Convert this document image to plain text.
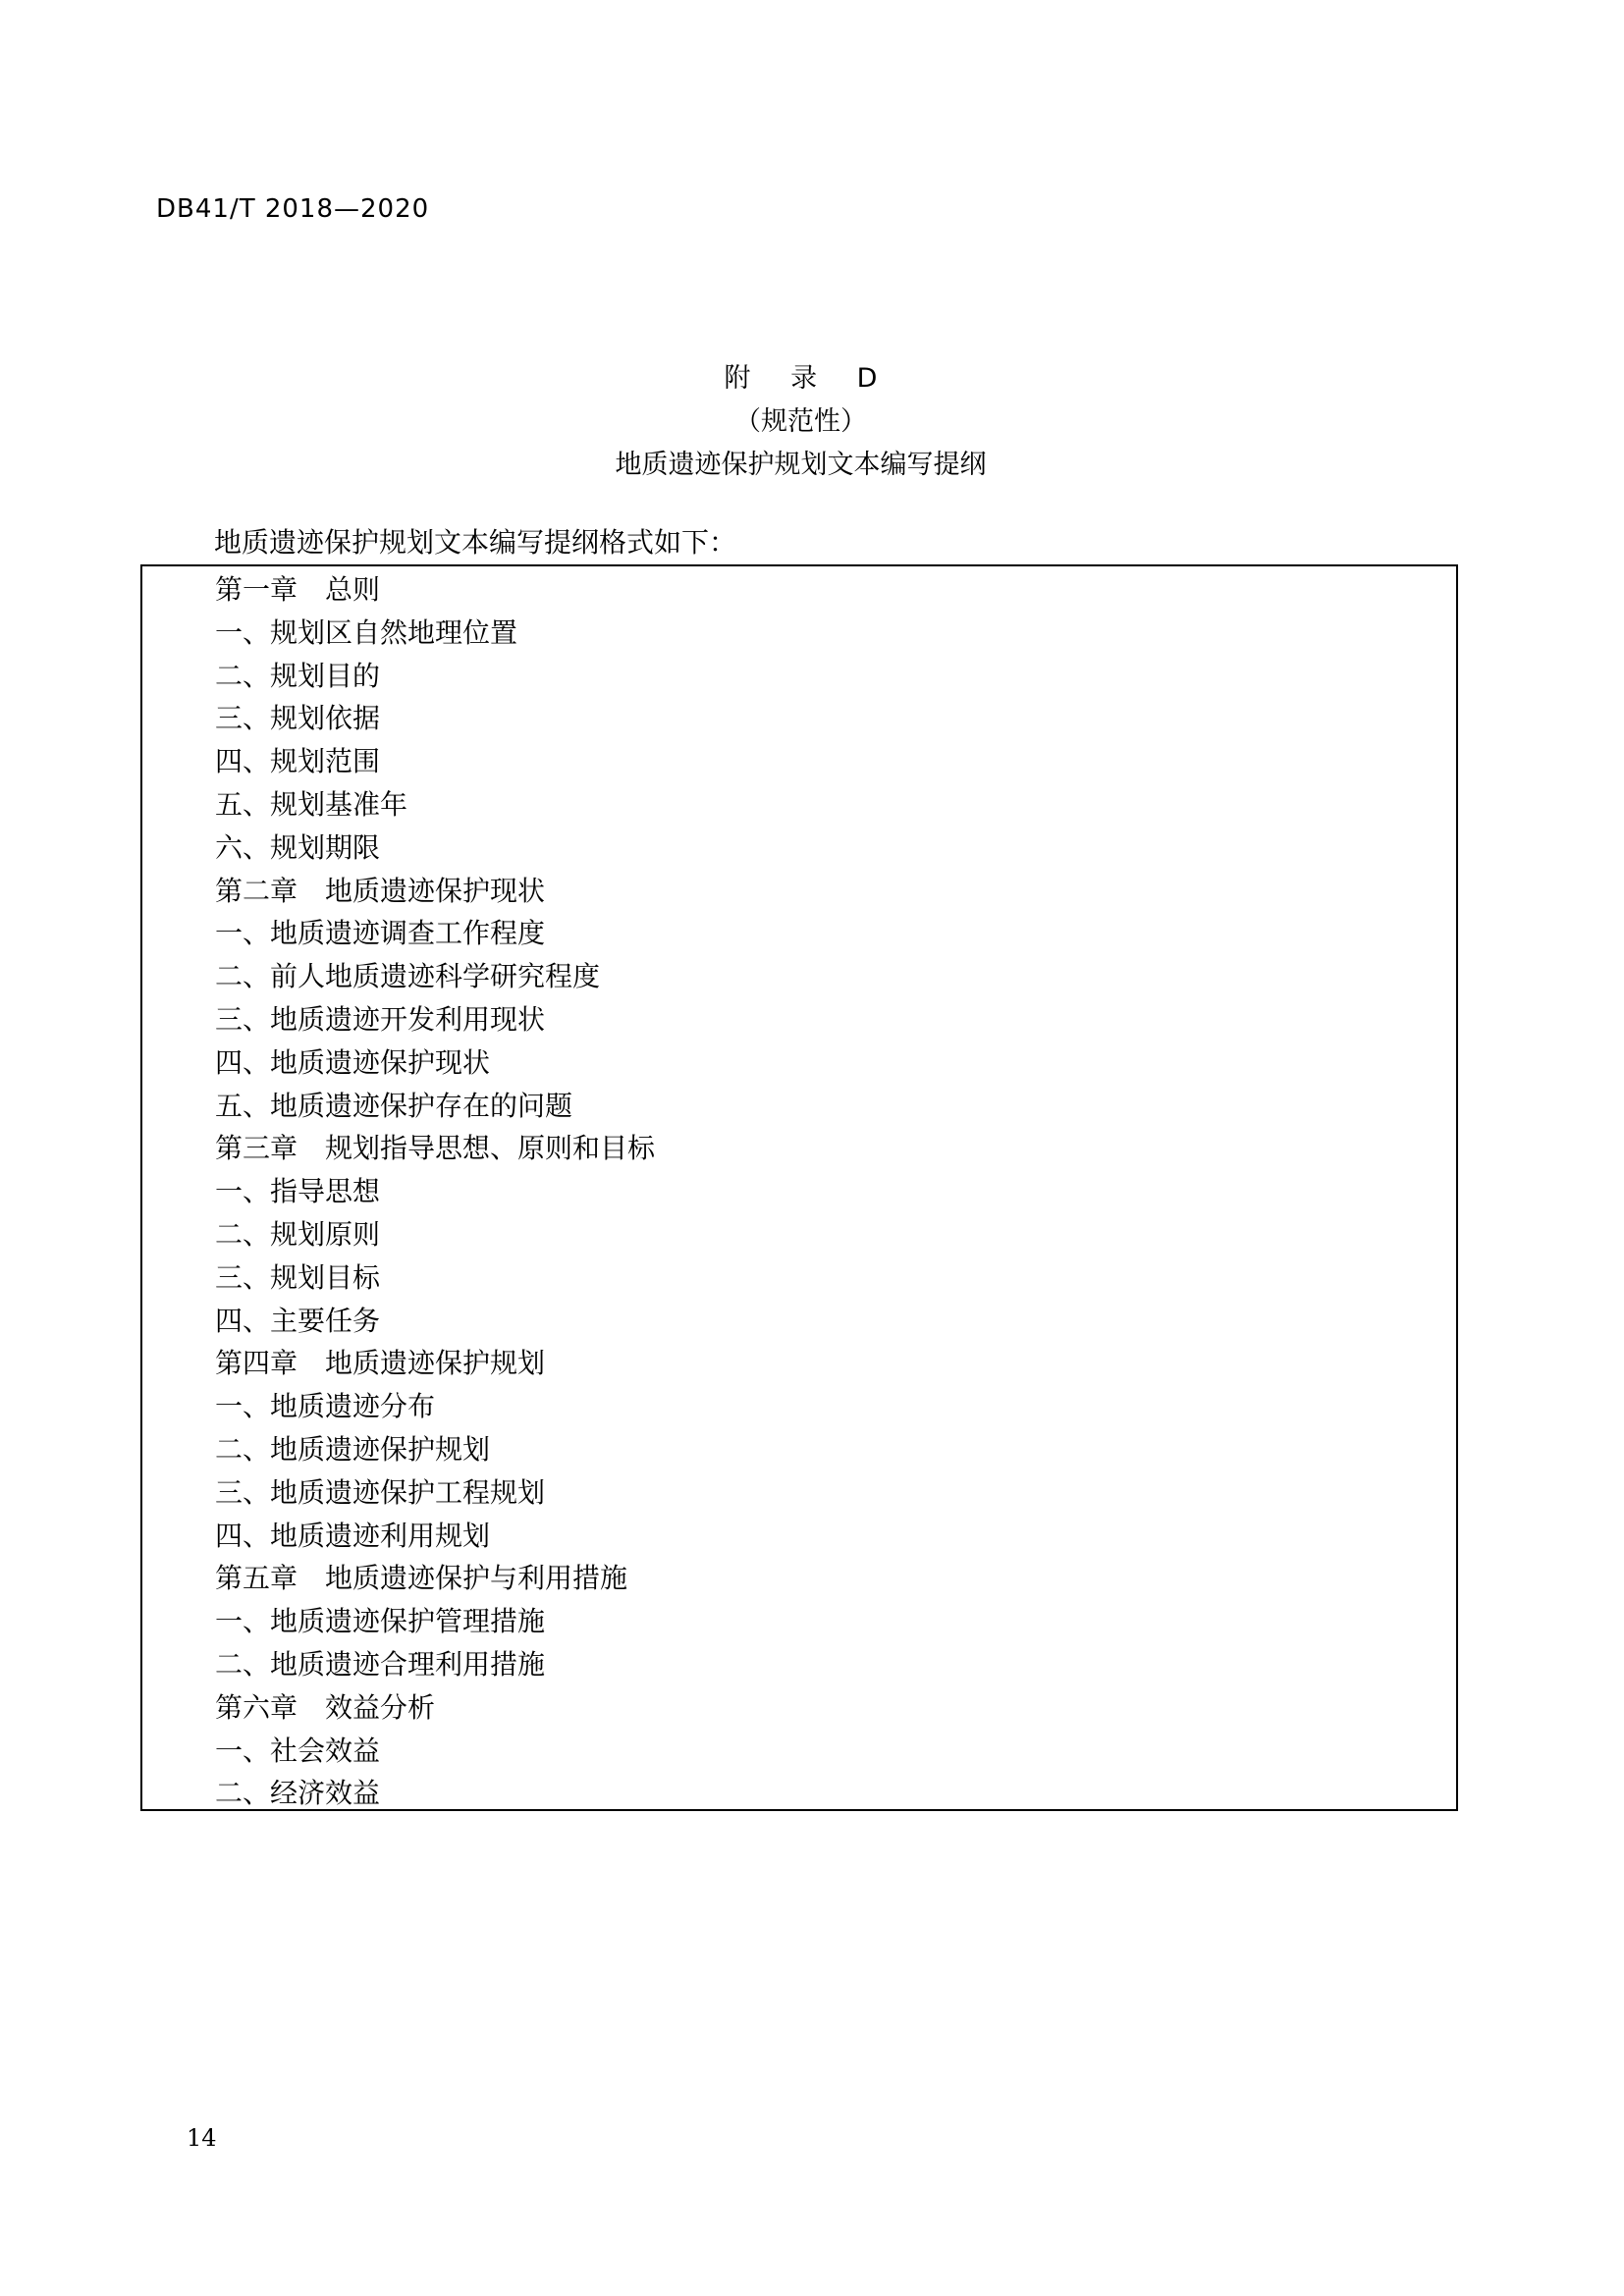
DB41/T 2018—2020
附 录 D
（规范性）
地质遗迹保护规划文本编写提纲
地质遗迹保护规划文本编写提纲格式如下：
第一章　总则
一、规划区自然地理位置
二、规划目的
三、规划依据
四、规划范围
五、规划基准年
六、规划期限
第二章　地质遗迹保护现状
一、地质遗迹调查工作程度
二、前人地质遗迹科学研究程度
三、地质遗迹开发利用现状
四、地质遗迹保护现状
五、地质遗迹保护存在的问题
第三章　规划指导思想、原则和目标
一、指导思想
二、规划原则
三、规划目标
四、主要任务
第四章　地质遗迹保护规划
一、地质遗迹分布
二、地质遗迹保护规划
三、地质遗迹保护工程规划
四、地质遗迹利用规划
第五章　地质遗迹保护与利用措施
一、地质遗迹保护管理措施
二、地质遗迹合理利用措施
第六章　效益分析
一、社会效益
二、经济效益
14
